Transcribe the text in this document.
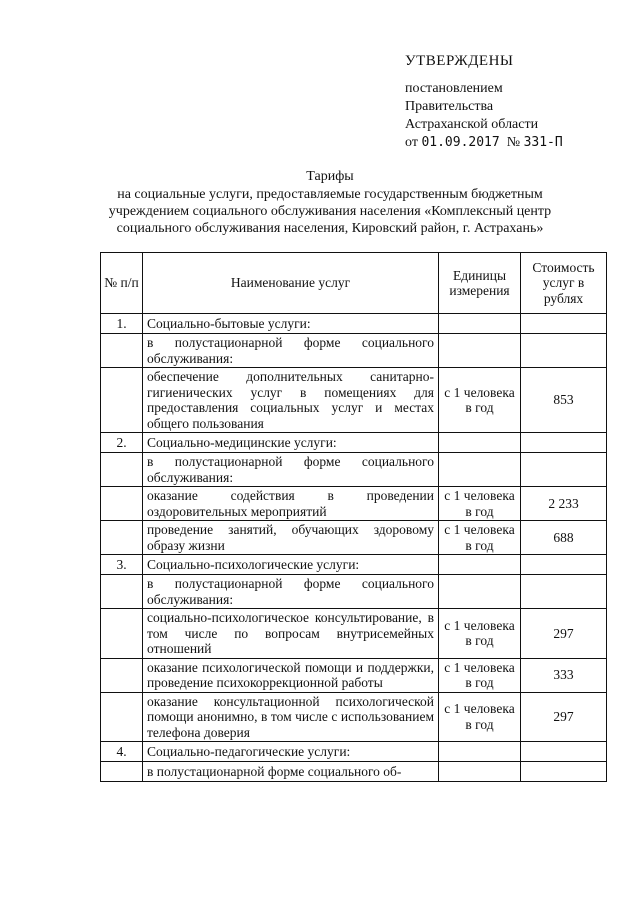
УТВЕРЖДЕНЫ
постановлением
Правительства
Астраханской области
от 01.09.2017 № 331-П
Тарифы
на социальные услуги, предоставляемые государственным бюджетным
учреждением социального обслуживания населения «Комплексный центр
социального обслуживания населения, Кировский район, г. Астрахань»
№ п/п	Наименование услуг	Единицы измерения	Стоимость услуг в рублях
1.	Социально-бытовые услуги:		
	в полустационарной форме социального обслуживания:		
	обеспечение дополнительных санитарно-гигиенических услуг в помещениях для предоставления социальных услуг и местах общего пользования	с 1 человека в год	853
2.	Социально-медицинские услуги:		
	в полустационарной форме социального обслуживания:		
	оказание содействия в проведении оздоровительных мероприятий	с 1 человека в год	2 233
	проведение занятий, обучающих здоровому образу жизни	с 1 человека в год	688
3.	Социально-психологические услуги:		
	в полустационарной форме социального обслуживания:		
	социально-психологическое консультирование, в том числе по вопросам внутрисемейных отношений	с 1 человека в год	297
	оказание психологической помощи и поддержки, проведение психокоррекционной работы	с 1 человека в год	333
	оказание консультационной психологической помощи анонимно, в том числе с использованием телефона доверия	с 1 человека в год	297
4.	Социально-педагогические услуги:		
	в полустационарной форме социального об-		
